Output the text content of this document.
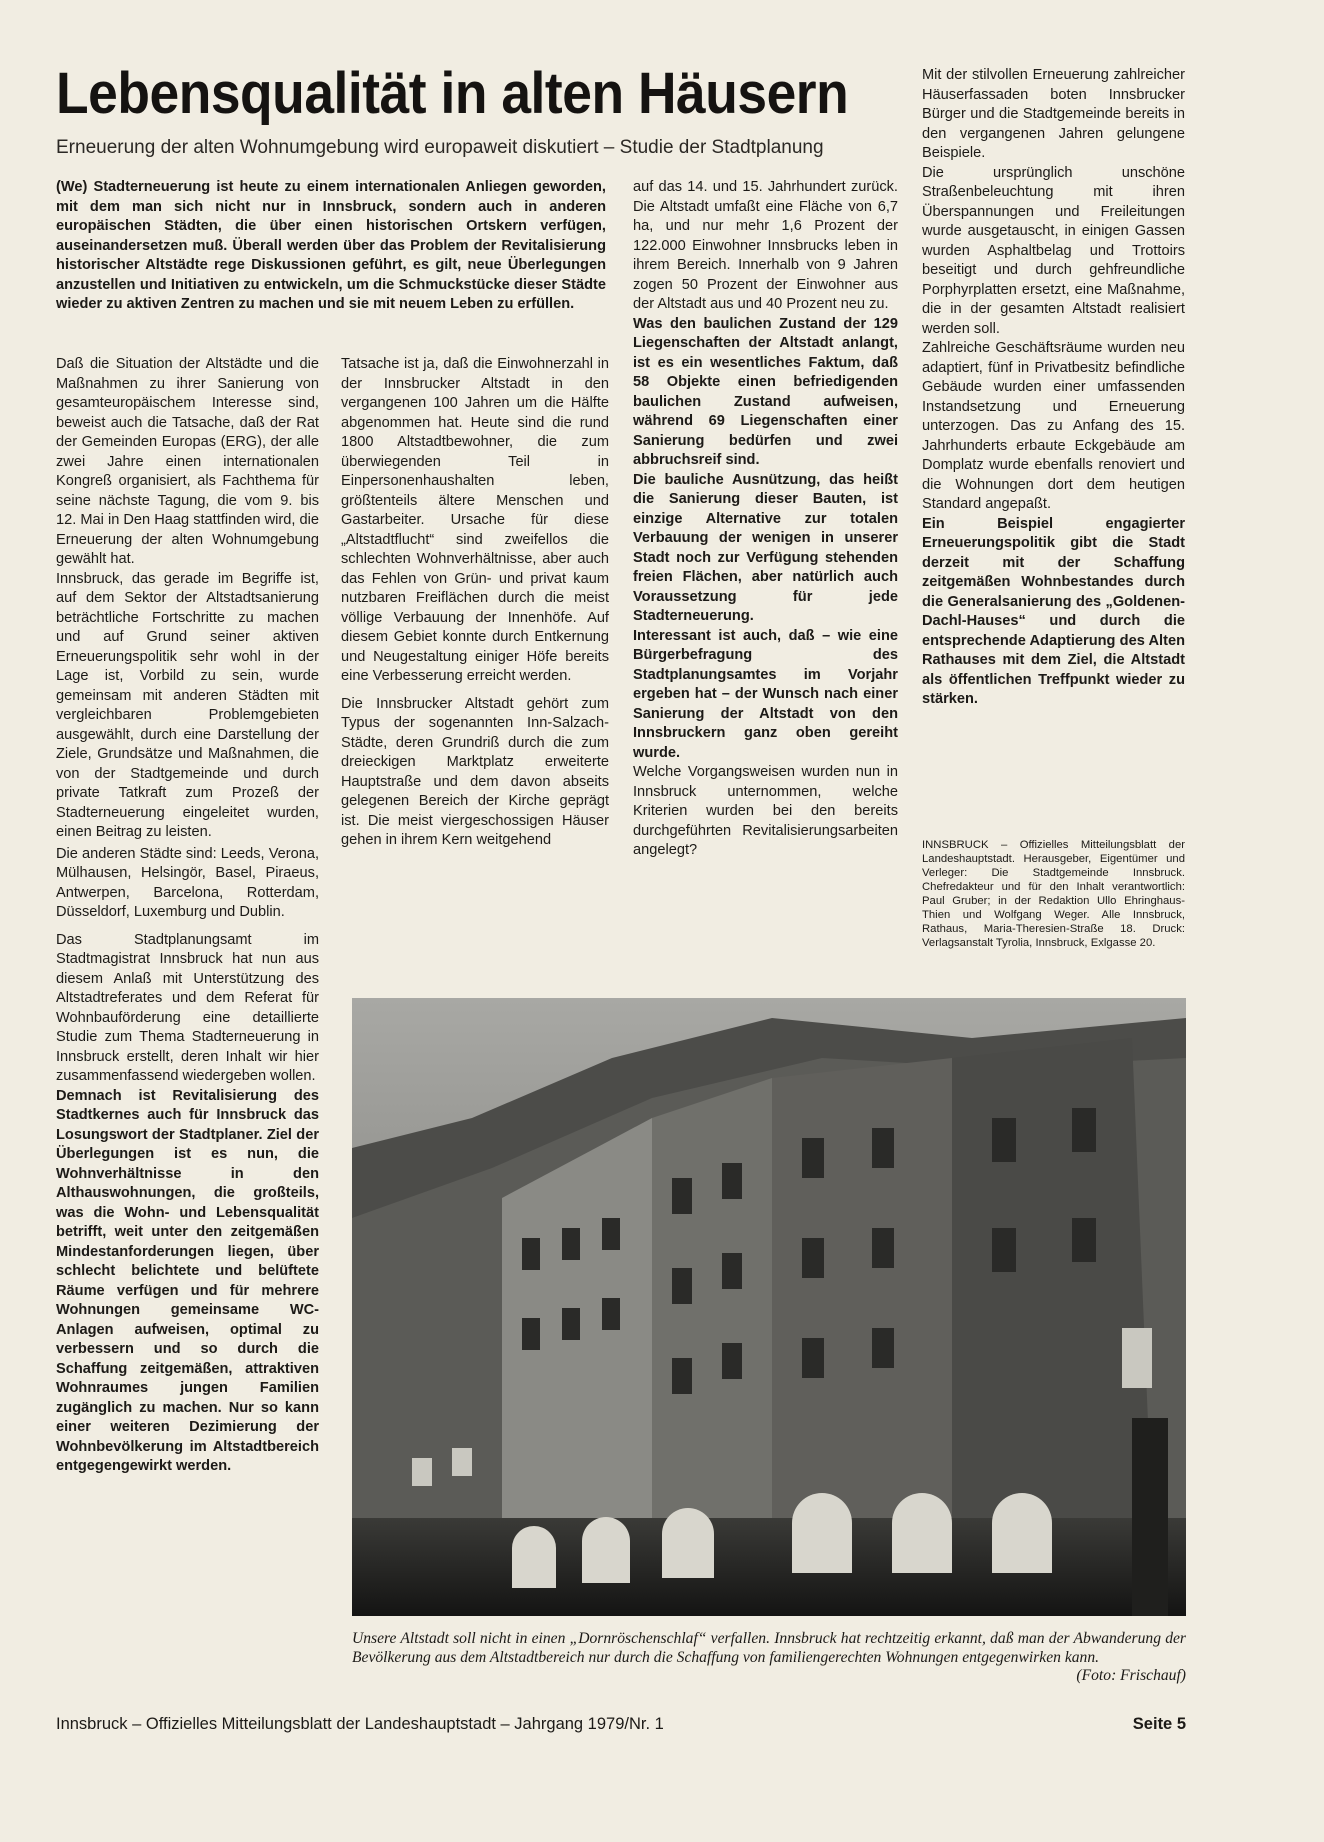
Lebensqualität in alten Häusern
Erneuerung der alten Wohnumgebung wird europaweit diskutiert – Studie der Stadtplanung
(We) Stadterneuerung ist heute zu einem internationalen Anliegen geworden, mit dem man sich nicht nur in Innsbruck, sondern auch in anderen europäischen Städten, die über einen historischen Ortskern verfügen, auseinandersetzen muß. Überall werden über das Problem der Revitalisierung historischer Altstädte rege Diskussionen geführt, es gilt, neue Überlegungen anzustellen und Initiativen zu entwickeln, um die Schmuckstücke dieser Städte wieder zu aktiven Zentren zu machen und sie mit neuem Leben zu erfüllen.

Daß die Situation der Altstädte und die Maßnahmen zu ihrer Sanierung von gesamteuropäischem Interesse sind, beweist auch die Tatsache, daß der Rat der Gemeinden Europas (ERG), der alle zwei Jahre einen internationalen Kongreß organisiert, als Fachthema für seine nächste Tagung, die vom 9. bis 12. Mai in Den Haag stattfinden wird, die Erneuerung der alten Wohnumgebung gewählt hat.

Innsbruck, das gerade im Begriffe ist, auf dem Sektor der Altstadtsanierung beträchtliche Fortschritte zu machen und auf Grund seiner aktiven Erneuerungspolitik sehr wohl in der Lage ist, Vorbild zu sein, wurde gemeinsam mit anderen Städten mit vergleichbaren Problemgebieten ausgewählt, durch eine Darstellung der Ziele, Grundsätze und Maßnahmen, die von der Stadtgemeinde und durch private Tatkraft zum Prozeß der Stadterneuerung eingeleitet wurden, einen Beitrag zu leisten.

Die anderen Städte sind: Leeds, Verona, Mülhausen, Helsingör, Basel, Piraeus, Antwerpen, Barcelona, Rotterdam, Düsseldorf, Luxemburg und Dublin.

Das Stadtplanungsamt im Stadtmagistrat Innsbruck hat nun aus diesem Anlaß mit Unterstützung des Altstadtreferates und dem Referat für Wohnbauförderung eine detaillierte Studie zum Thema Stadterneuerung in Innsbruck erstellt, deren Inhalt wir hier zusammenfassend wiedergeben wollen.

Demnach ist Revitalisierung des Stadtkernes auch für Innsbruck das Losungswort der Stadtplaner. Ziel der Überlegungen ist es nun, die Wohnverhältnisse in den Althauswohnungen, die großteils, was die Wohn- und Lebensqualität betrifft, weit unter den zeitgemäßen Mindestanforderungen liegen, über schlecht belichtete und belüftete Räume verfügen und für mehrere Wohnungen gemeinsame WC-Anlagen aufweisen, optimal zu verbessern und so durch die Schaffung zeitgemäßen, attraktiven Wohnraumes jungen Familien zugänglich zu machen. Nur so kann einer weiteren Dezimierung der Wohnbevölkerung im Altstadtbereich entgegengewirkt werden.

Tatsache ist ja, daß die Einwohnerzahl in der Innsbrucker Altstadt in den vergangenen 100 Jahren um die Hälfte abgenommen hat. Heute sind die rund 1800 Altstadtbewohner, die zum überwiegenden Teil in Einpersonenhaushalten leben, größtenteils ältere Menschen und Gastarbeiter. Ursache für diese „Altstadtflucht“ sind zweifellos die schlechten Wohnverhältnisse, aber auch das Fehlen von Grün- und privat kaum nutzbaren Freiflächen durch die meist völlige Verbauung der Innenhöfe. Auf diesem Gebiet konnte durch Entkernung und Neugestaltung einiger Höfe bereits eine Verbesserung erreicht werden.

Die Innsbrucker Altstadt gehört zum Typus der sogenannten Inn-Salzach-Städte, deren Grundriß durch die zum dreieckigen Marktplatz erweiterte Hauptstraße und dem davon abseits gelegenen Bereich der Kirche geprägt ist. Die meist viergeschossigen Häuser gehen in ihrem Kern weitgehend

auf das 14. und 15. Jahrhundert zurück. Die Altstadt umfaßt eine Fläche von 6,7 ha, und nur mehr 1,6 Prozent der 122.000 Einwohner Innsbrucks leben in ihrem Bereich. Innerhalb von 9 Jahren zogen 50 Prozent der Einwohner aus der Altstadt aus und 40 Prozent neu zu.

Was den baulichen Zustand der 129 Liegenschaften der Altstadt anlangt, ist es ein wesentliches Faktum, daß 58 Objekte einen befriedigenden baulichen Zustand aufweisen, während 69 Liegenschaften einer Sanierung bedürfen und zwei abbruchsreif sind.

Die bauliche Ausnützung, das heißt die Sanierung dieser Bauten, ist einzige Alternative zur totalen Verbauung der wenigen in unserer Stadt noch zur Verfügung stehenden freien Flächen, aber natürlich auch Voraussetzung für jede Stadterneuerung.

Interessant ist auch, daß – wie eine Bürgerbefragung des Stadtplanungsamtes im Vorjahr ergeben hat – der Wunsch nach einer Sanierung der Altstadt von den Innsbruckern ganz oben gereiht wurde.

Welche Vorgangsweisen wurden nun in Innsbruck unternommen, welche Kriterien wurden bei den bereits durchgeführten Revitalisierungsarbeiten angelegt?

Mit der stilvollen Erneuerung zahlreicher Häuserfassaden boten Innsbrucker Bürger und die Stadtgemeinde bereits in den vergangenen Jahren gelungene Beispiele.

Die ursprünglich unschöne Straßenbeleuchtung mit ihren Überspannungen und Freileitungen wurde ausgetauscht, in einigen Gassen wurden Asphaltbelag und Trottoirs beseitigt und durch gehfreundliche Porphyrplatten ersetzt, eine Maßnahme, die in der gesamten Altstadt realisiert werden soll.

Zahlreiche Geschäftsräume wurden neu adaptiert, fünf in Privatbesitz befindliche Gebäude wurden einer umfassenden Instandsetzung und Erneuerung unterzogen. Das zu Anfang des 15. Jahrhunderts erbaute Eckgebäude am Domplatz wurde ebenfalls renoviert und die Wohnungen dort dem heutigen Standard angepaßt.

Ein Beispiel engagierter Erneuerungspolitik gibt die Stadt derzeit mit der Schaffung zeitgemäßen Wohnbestandes durch die Generalsanierung des „Goldenen-Dachl-Hauses“ und durch die entsprechende Adaptierung des Alten Rathauses mit dem Ziel, die Altstadt als öffentlichen Treffpunkt wieder zu stärken.

INNSBRUCK – Offizielles Mitteilungsblatt der Landeshauptstadt. Herausgeber, Eigentümer und Verleger: Die Stadtgemeinde Innsbruck. Chefredakteur und für den Inhalt verantwortlich: Paul Gruber; in der Redaktion Ullo Ehringhaus-Thien und Wolfgang Weger. Alle Innsbruck, Rathaus, Maria-Theresien-Straße 18. Druck: Verlagsanstalt Tyrolia, Innsbruck, Exlgasse 20.
Unsere Altstadt soll nicht in einen „Dornröschenschlaf“ verfallen. Innsbruck hat rechtzeitig erkannt, daß man der Abwanderung der Bevölkerung aus dem Altstadtbereich nur durch die Schaffung von familiengerechten Wohnungen entgegenwirken kann.
(Foto: Frischauf)
Innsbruck – Offizielles Mitteilungsblatt der Landeshauptstadt – Jahrgang 1979/Nr. 1	Seite 5
